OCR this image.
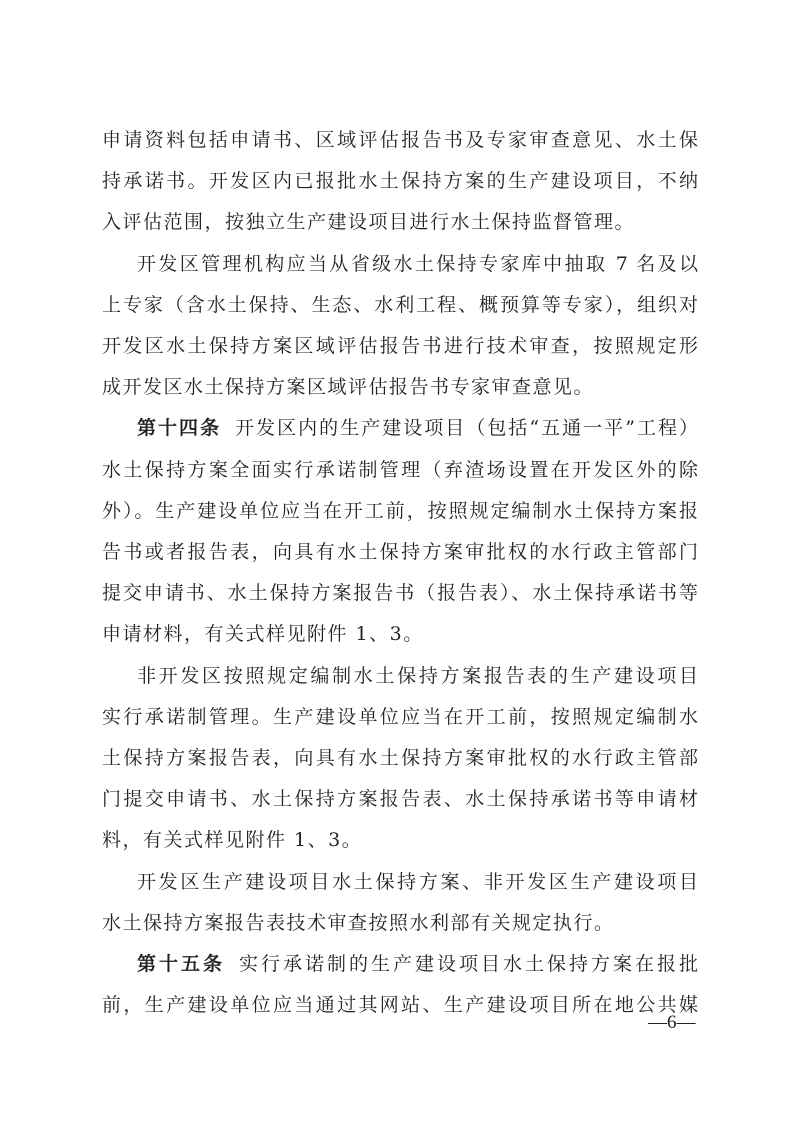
申请资料包括申请书、区域评估报告书及专家审查意见、水土保
持承诺书。开发区内已报批水土保持方案的生产建设项目，不纳
入评估范围，按独立生产建设项目进行水土保持监督管理。
开发区管理机构应当从省级水土保持专家库中抽取 7 名及以
上专家（含水土保持、生态、水利工程、概预算等专家），组织对
开发区水土保持方案区域评估报告书进行技术审查，按照规定形
成开发区水土保持方案区域评估报告书专家审查意见。
第十四条 开发区内的生产建设项目（包括“五通一平”工程）
水土保持方案全面实行承诺制管理（弃渣场设置在开发区外的除
外）。生产建设单位应当在开工前，按照规定编制水土保持方案报
告书或者报告表，向具有水土保持方案审批权的水行政主管部门
提交申请书、水土保持方案报告书（报告表）、水土保持承诺书等
申请材料，有关式样见附件 1、3。
非开发区按照规定编制水土保持方案报告表的生产建设项目
实行承诺制管理。生产建设单位应当在开工前，按照规定编制水
土保持方案报告表，向具有水土保持方案审批权的水行政主管部
门提交申请书、水土保持方案报告表、水土保持承诺书等申请材
料，有关式样见附件 1、3。
开发区生产建设项目水土保持方案、非开发区生产建设项目
水土保持方案报告表技术审查按照水利部有关规定执行。
第十五条 实行承诺制的生产建设项目水土保持方案在报批
前，生产建设单位应当通过其网站、生产建设项目所在地公共媒
—6—
